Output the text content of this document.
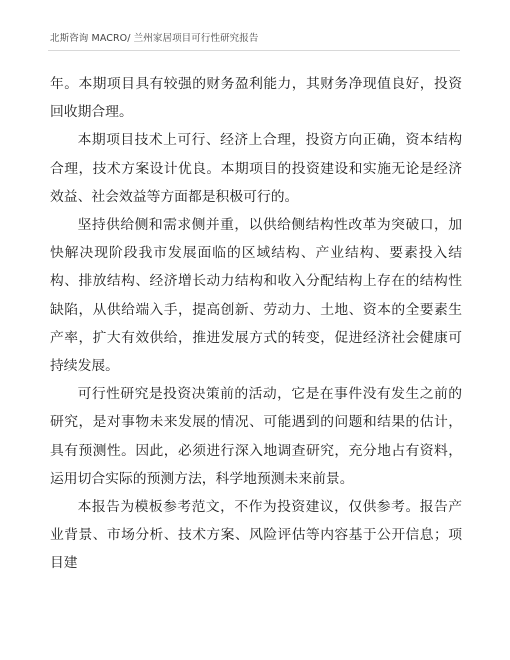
北斯咨询 MACRO/ 兰州家居项目可行性研究报告

年。本期项目具有较强的财务盈利能力，其财务净现值良好，投资回收期合理。

本期项目技术上可行、经济上合理，投资方向正确，资本结构合理，技术方案设计优良。本期项目的投资建设和实施无论是经济效益、社会效益等方面都是积极可行的。

坚持供给侧和需求侧并重，以供给侧结构性改革为突破口，加快解决现阶段我市发展面临的区域结构、产业结构、要素投入结构、排放结构、经济增长动力结构和收入分配结构上存在的结构性缺陷，从供给端入手，提高创新、劳动力、土地、资本的全要素生产率，扩大有效供给，推进发展方式的转变，促进经济社会健康可持续发展。

可行性研究是投资决策前的活动，它是在事件没有发生之前的研究，是对事物未来发展的情况、可能遇到的问题和结果的估计，具有预测性。因此，必须进行深入地调查研究，充分地占有资料，运用切合实际的预测方法，科学地预测未来前景。

本报告为模板参考范文，不作为投资建议，仅供参考。报告产业背景、市场分析、技术方案、风险评估等内容基于公开信息；项目建
